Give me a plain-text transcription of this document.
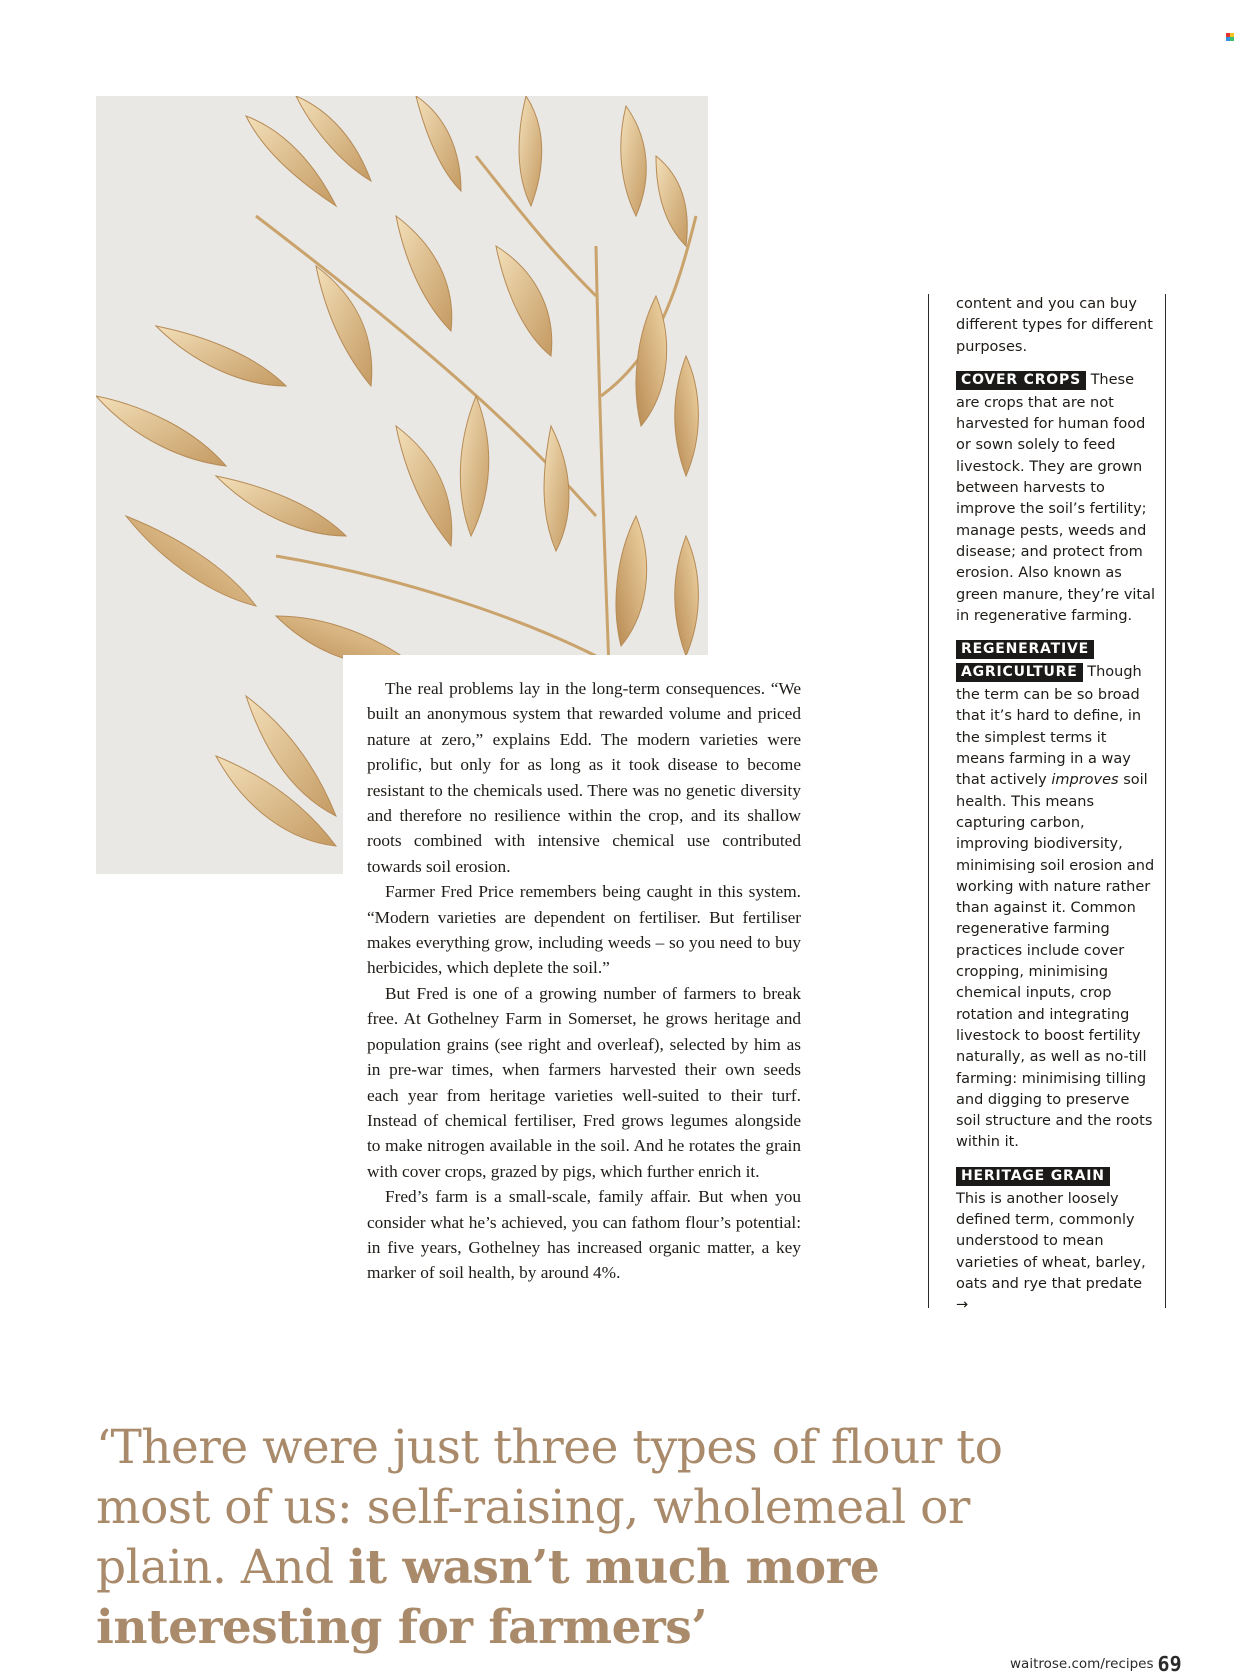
The real problems lay in the long-term consequences. “We built an anonymous system that rewarded volume and priced nature at zero,” explains Edd. The modern varieties were prolific, but only for as long as it took disease to become resistant to the chemicals used. There was no genetic diversity and therefore no resilience within the crop, and its shallow roots combined with intensive chemical use contributed towards soil erosion.

Farmer Fred Price remembers being caught in this system. “Modern varieties are dependent on fertiliser. But fertiliser makes everything grow, including weeds – so you need to buy herbicides, which deplete the soil.”

But Fred is one of a growing number of farmers to break free. At Gothelney Farm in Somerset, he grows heritage and population grains (see right and overleaf), selected by him as in pre-war times, when farmers harvested their own seeds each year from heritage varieties well-suited to their turf. Instead of chemical fertiliser, Fred grows legumes alongside to make nitrogen available in the soil. And he rotates the grain with cover crops, grazed by pigs, which further enrich it.

Fred’s farm is a small-scale, family affair. But when you consider what he’s achieved, you can fathom flour’s potential: in five years, Gothelney has increased organic matter, a key marker of soil health, by around 4%.

content and you can buy different types for different purposes.

COVER CROPS These are crops that are not harvested for human food or sown solely to feed livestock. They are grown between harvests to improve the soil’s fertility; manage pests, weeds and disease; and protect from erosion. Also known as green manure, they’re vital in regenerative farming.

REGENERATIVE
AGRICULTURE Though the term can be so broad that it’s hard to define, in the simplest terms it means farming in a way that actively improves soil health. This means capturing carbon, improving biodiversity, minimising soil erosion and working with nature rather than against it. Common regenerative farming practices include cover cropping, minimising chemical inputs, crop rotation and integrating livestock to boost fertility naturally, as well as no-till farming: minimising tilling and digging to preserve soil structure and the roots within it.

HERITAGE GRAIN
This is another loosely defined term, commonly understood to mean varieties of wheat, barley, oats and rye that predate →

‘There were just three types of flour to most of us: self-raising, wholemeal or plain. And it wasn’t much more interesting for farmers’
waitrose.com/recipes 69
